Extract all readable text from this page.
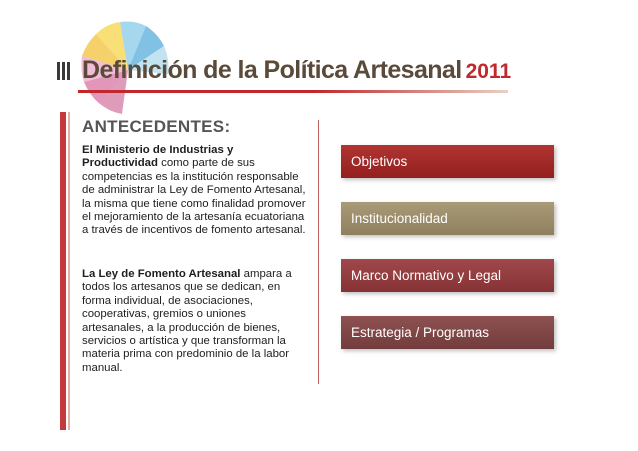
Definición de la Política Artesanal 2011
ANTECEDENTES:

El Ministerio de Industrias y Productividad como parte de sus competencias es la institución responsable de administrar la Ley de Fomento Artesanal, la misma que tiene como finalidad promover el mejoramiento de la artesanía ecuatoriana a través de incentivos de fomento artesanal.

La Ley de Fomento Artesanal ampara a todos los artesanos que se dedican, en forma individual, de asociaciones, cooperativas, gremios o uniones artesanales, a la producción de bienes, servicios o artística y que transforman la materia prima con predominio de la labor manual.

Objetivos
Institucionalidad
Marco Normativo y Legal
Estrategia / Programas
